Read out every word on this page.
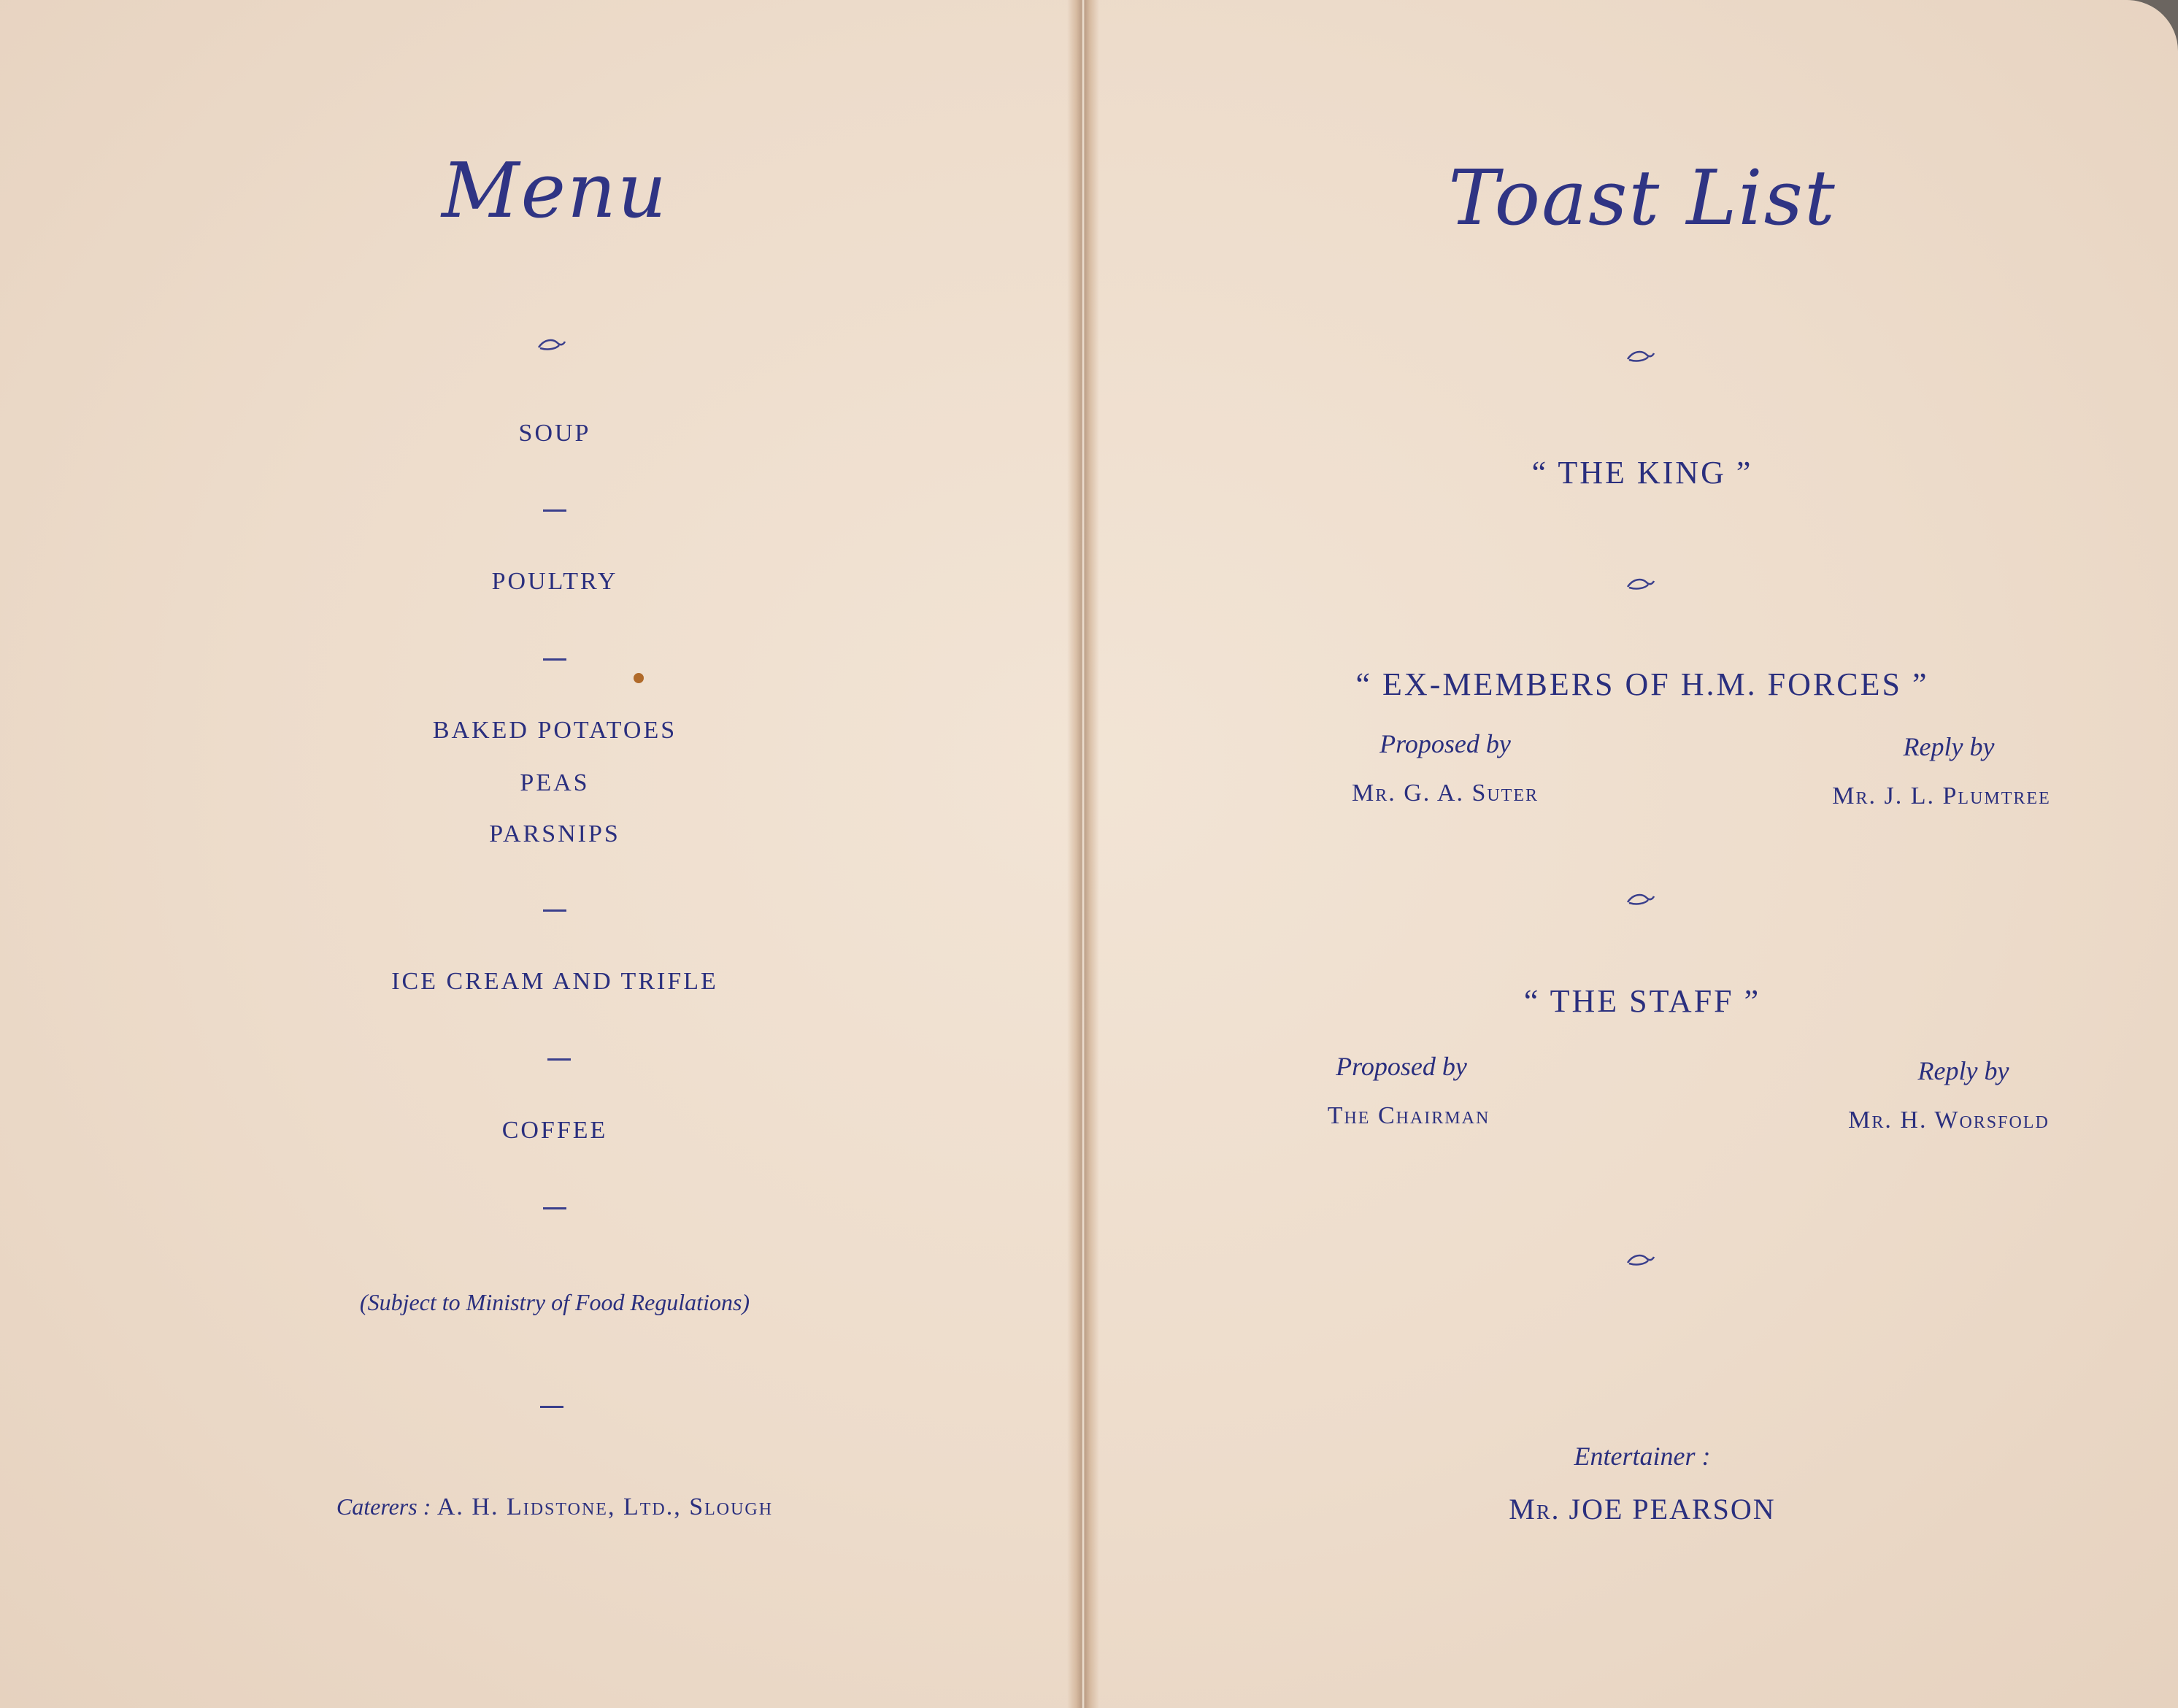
Menu
SOUP
POULTRY
BAKED POTATOES
PEAS
PARSNIPS
ICE CREAM AND TRIFLE
COFFEE
(Subject to Ministry of Food Regulations)
Caterers : A. H. Lidstone, Ltd., Slough
Toast List
“ THE KING ”
“ EX-MEMBERS OF H.M. FORCES ”
Proposed by	Reply by
Mr. G. A. Suter	Mr. J. L. Plumtree
“ THE STAFF ”
Proposed by	Reply by
The Chairman	Mr. H. Worsfold
Entertainer :
Mr. JOE PEARSON
